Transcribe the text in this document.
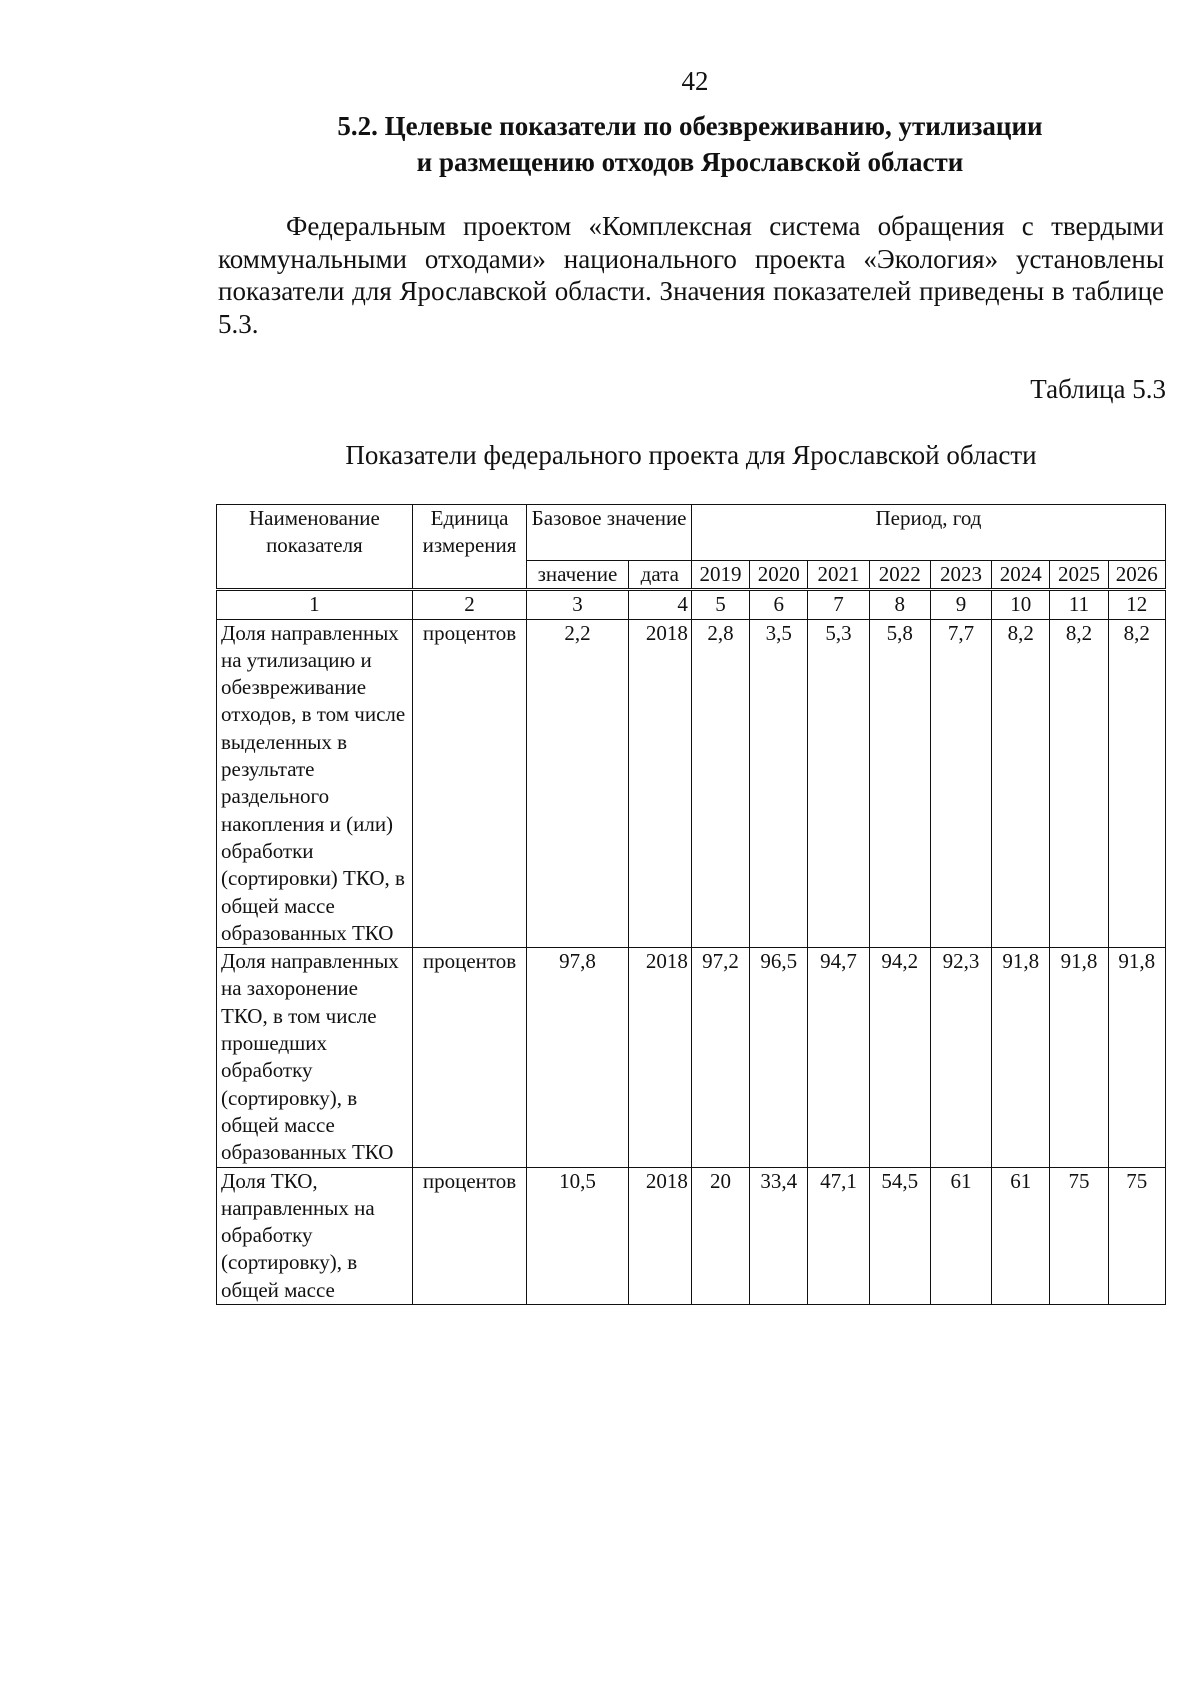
42
5.2. Целевые показатели по обезвреживанию, утилизации
и размещению отходов Ярославской области
Федеральным проектом «Комплексная система обращения с твердыми коммунальными отходами» национального проекта «Экология» установлены показатели для Ярославской области. Значения показателей приведены в таблице 5.3.
Таблица 5.3
Показатели федерального проекта для Ярославской области
Наименование показателя	Единица измерения	Базовое значение		Период, год							
		значение	дата	2019	2020	2021	2022	2023	2024	2025	2026
1	2	3	4	5	6	7	8	9	10	11	12
Доля направленных на утилизацию и обезвреживание отходов, в том числе выделенных в результате раздельного накопления и (или) обработки (сортировки) ТКО, в общей массе образованных ТКО	процентов	2,2	2018	2,8	3,5	5,3	5,8	7,7	8,2	8,2	8,2
Доля направленных на захоронение ТКО, в том числе прошедших обработку (сортировку), в общей массе образованных ТКО	процентов	97,8	2018	97,2	96,5	94,7	94,2	92,3	91,8	91,8	91,8
Доля ТКО, направленных на обработку (сортировку), в общей массе	процентов	10,5	2018	20	33,4	47,1	54,5	61	61	75	75
